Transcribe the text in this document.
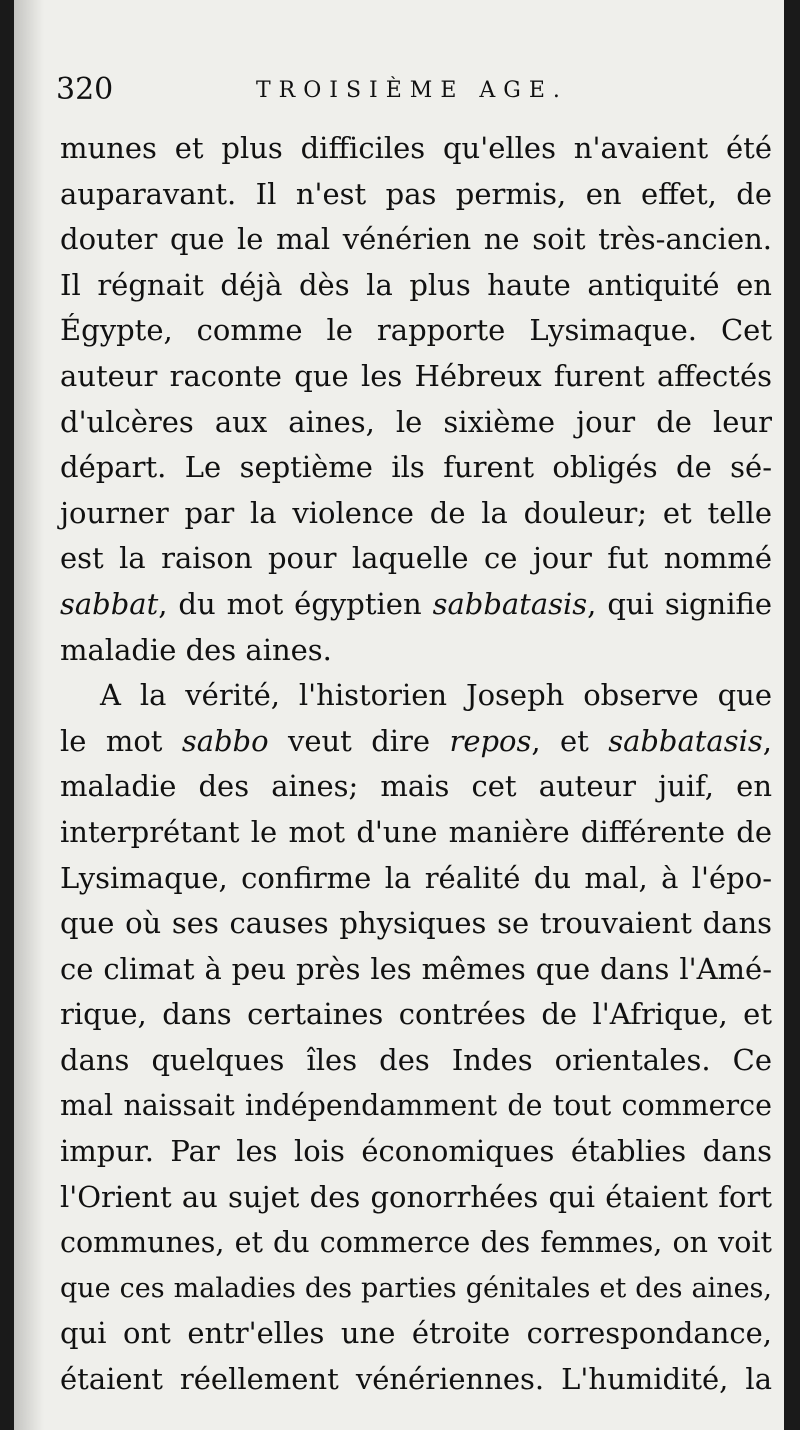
320	TROISIÈME AGE.
munes et plus difficiles qu'elles n'avaient été
auparavant. Il n'est pas permis, en effet, de
douter que le mal vénérien ne soit très-ancien.
Il régnait déjà dès la plus haute antiquité en
Égypte, comme le rapporte Lysimaque. Cet
auteur raconte que les Hébreux furent affectés
d'ulcères aux aines, le sixième jour de leur
départ. Le septième ils furent obligés de sé-
journer par la violence de la douleur; et telle
est la raison pour laquelle ce jour fut nommé
sabbat, du mot égyptien sabbatasis, qui signifie
maladie des aines.
A la vérité, l'historien Joseph observe que
le mot sabbo veut dire repos, et sabbatasis,
maladie des aines; mais cet auteur juif, en
interprétant le mot d'une manière différente de
Lysimaque, confirme la réalité du mal, à l'épo-
que où ses causes physiques se trouvaient dans
ce climat à peu près les mêmes que dans l'Amé-
rique, dans certaines contrées de l'Afrique, et
dans quelques îles des Indes orientales. Ce
mal naissait indépendamment de tout commerce
impur. Par les lois économiques établies dans
l'Orient au sujet des gonorrhées qui étaient fort
communes, et du commerce des femmes, on voit
que ces maladies des parties génitales et des aines,
qui ont entr'elles une étroite correspondance,
étaient réellement vénériennes. L'humidité, la
